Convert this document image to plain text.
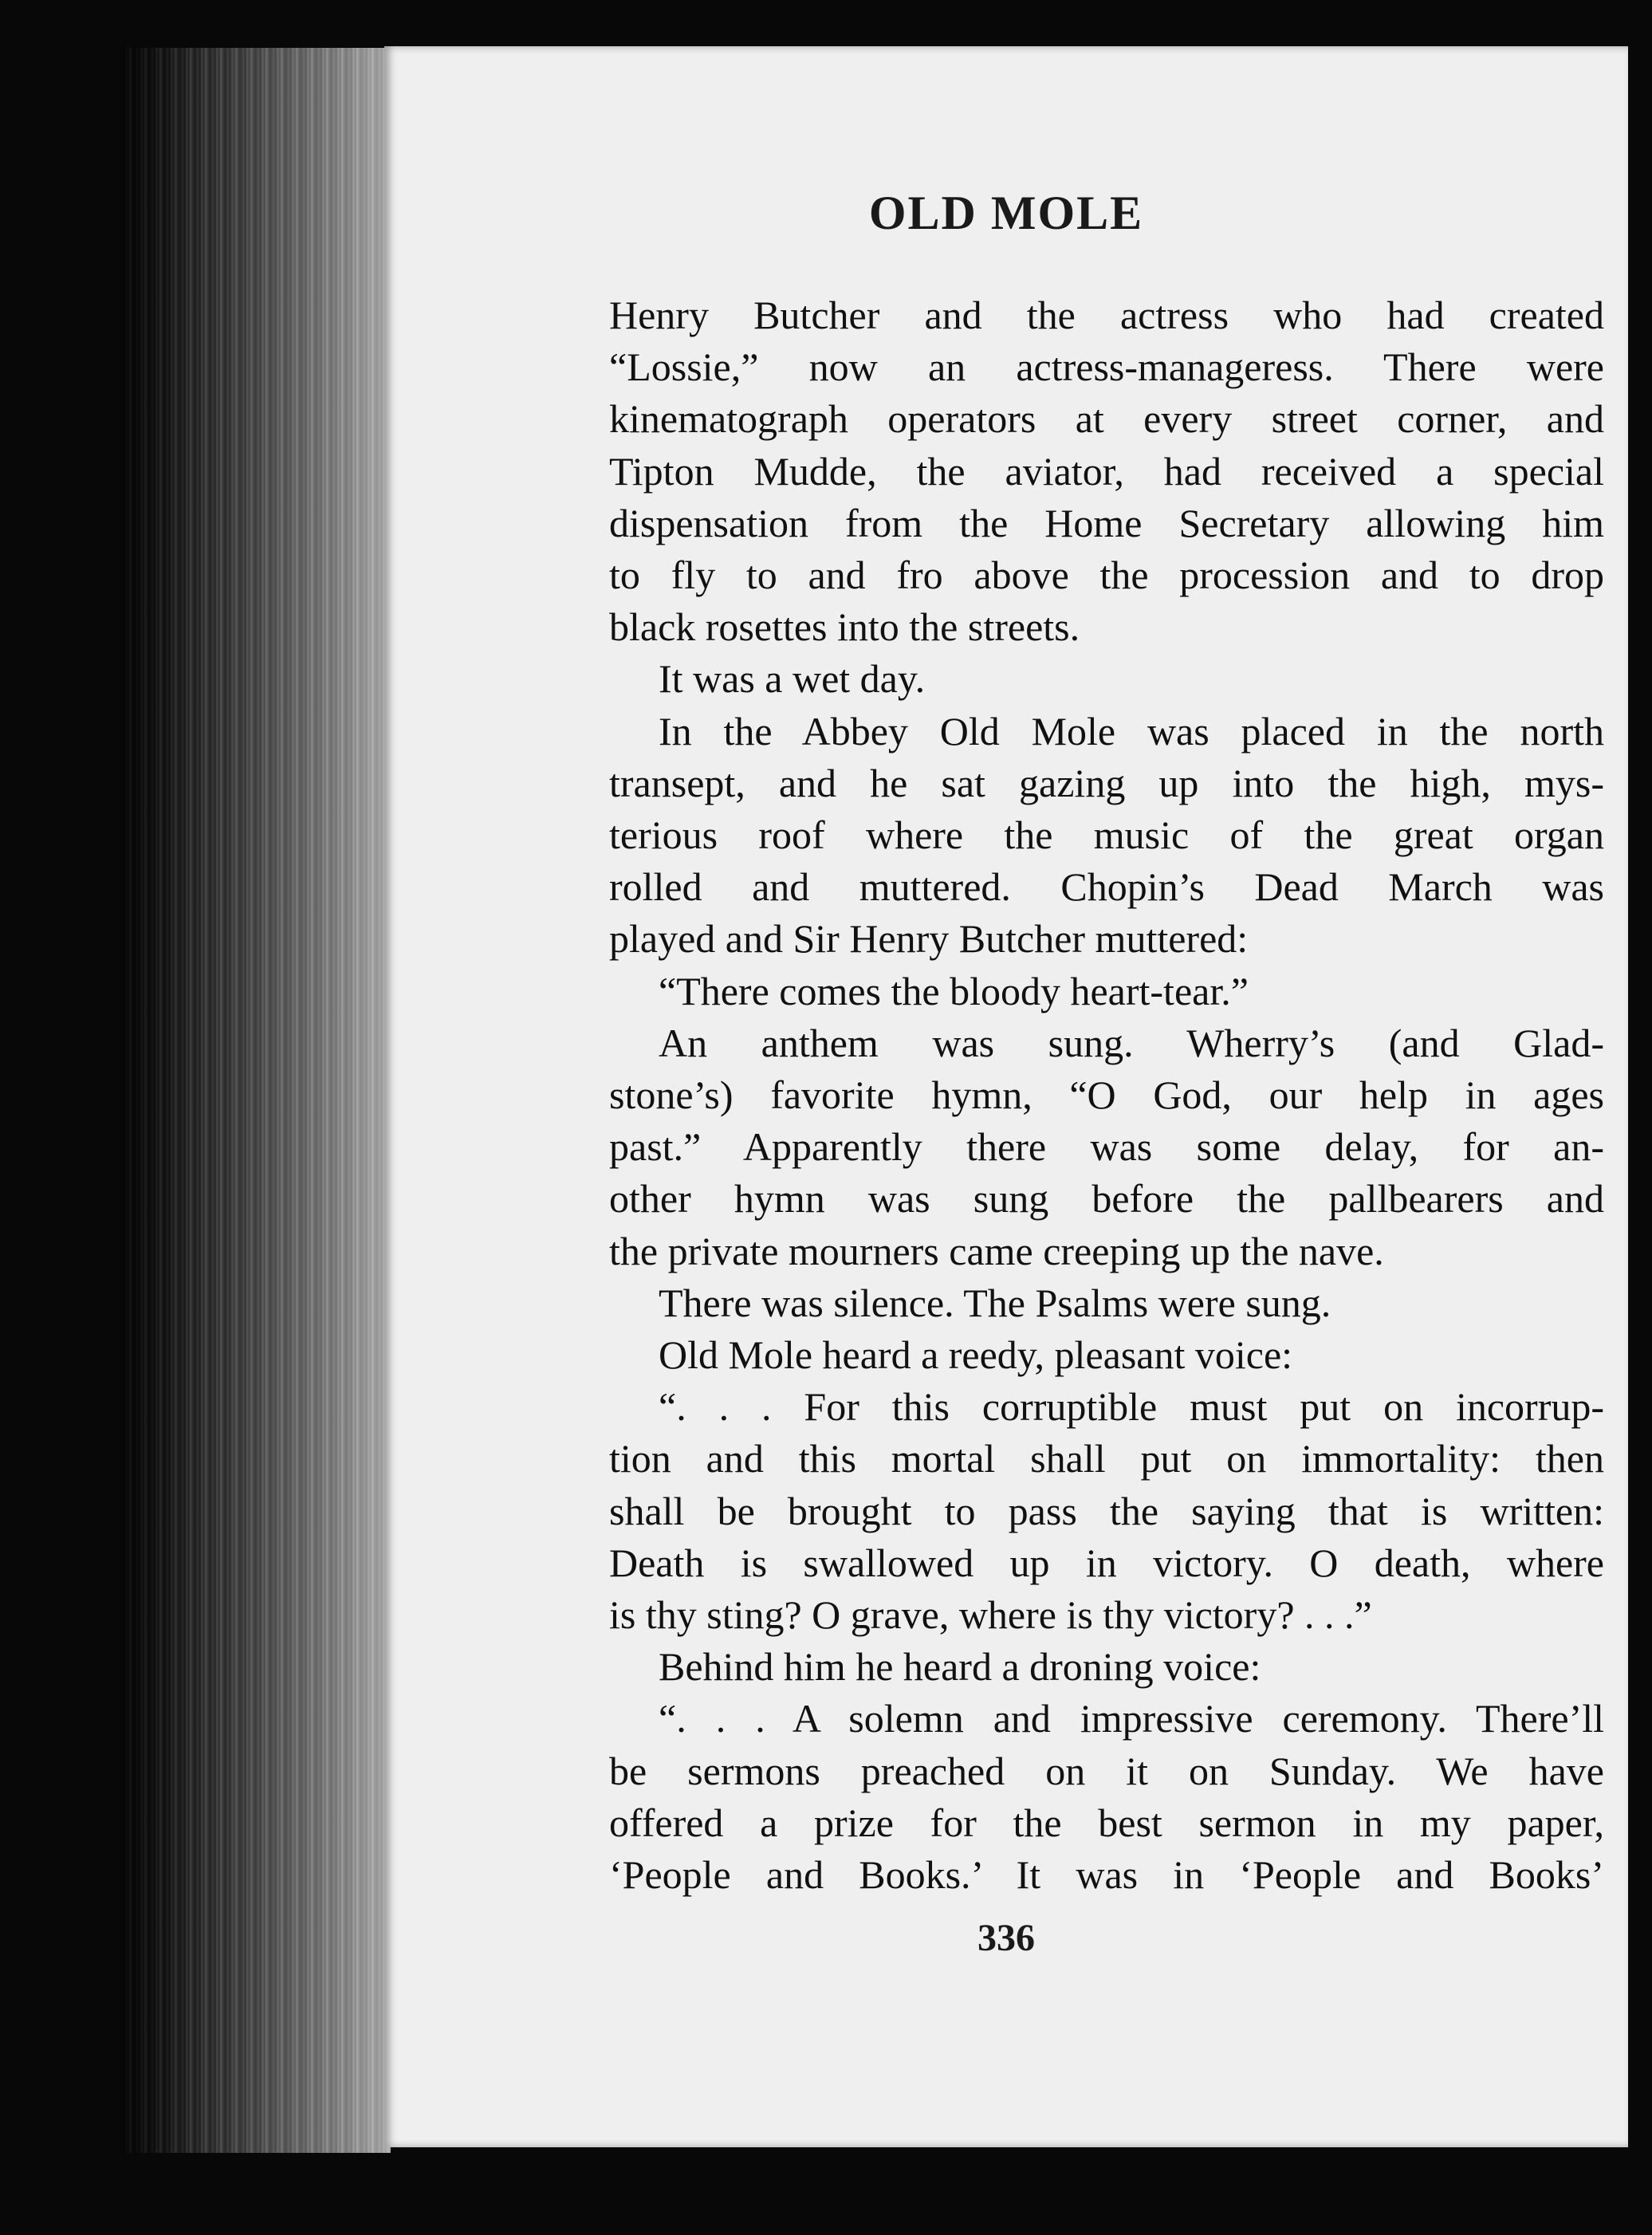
OLD MOLE
Henry Butcher and the actress who had created
“Lossie,” now an actress-manageress. There were
kinematograph operators at every street corner, and
Tipton Mudde, the aviator, had received a special
dispensation from the Home Secretary allowing him
to fly to and fro above the procession and to drop
black rosettes into the streets.
It was a wet day.
In the Abbey Old Mole was placed in the north
transept, and he sat gazing up into the high, mys-
terious roof where the music of the great organ
rolled and muttered. Chopin’s Dead March was
played and Sir Henry Butcher muttered:
“There comes the bloody heart-tear.”
An anthem was sung. Wherry’s (and Glad-
stone’s) favorite hymn, “O God, our help in ages
past.” Apparently there was some delay, for an-
other hymn was sung before the pallbearers and
the private mourners came creeping up the nave.
There was silence. The Psalms were sung.
Old Mole heard a reedy, pleasant voice:
“. . . For this corruptible must put on incorrup-
tion and this mortal shall put on immortality: then
shall be brought to pass the saying that is written:
Death is swallowed up in victory. O death, where
is thy sting? O grave, where is thy victory? . . .”
Behind him he heard a droning voice:
“. . . A solemn and impressive ceremony. There’ll
be sermons preached on it on Sunday. We have
offered a prize for the best sermon in my paper,
‘People and Books.’ It was in ‘People and Books’
336
